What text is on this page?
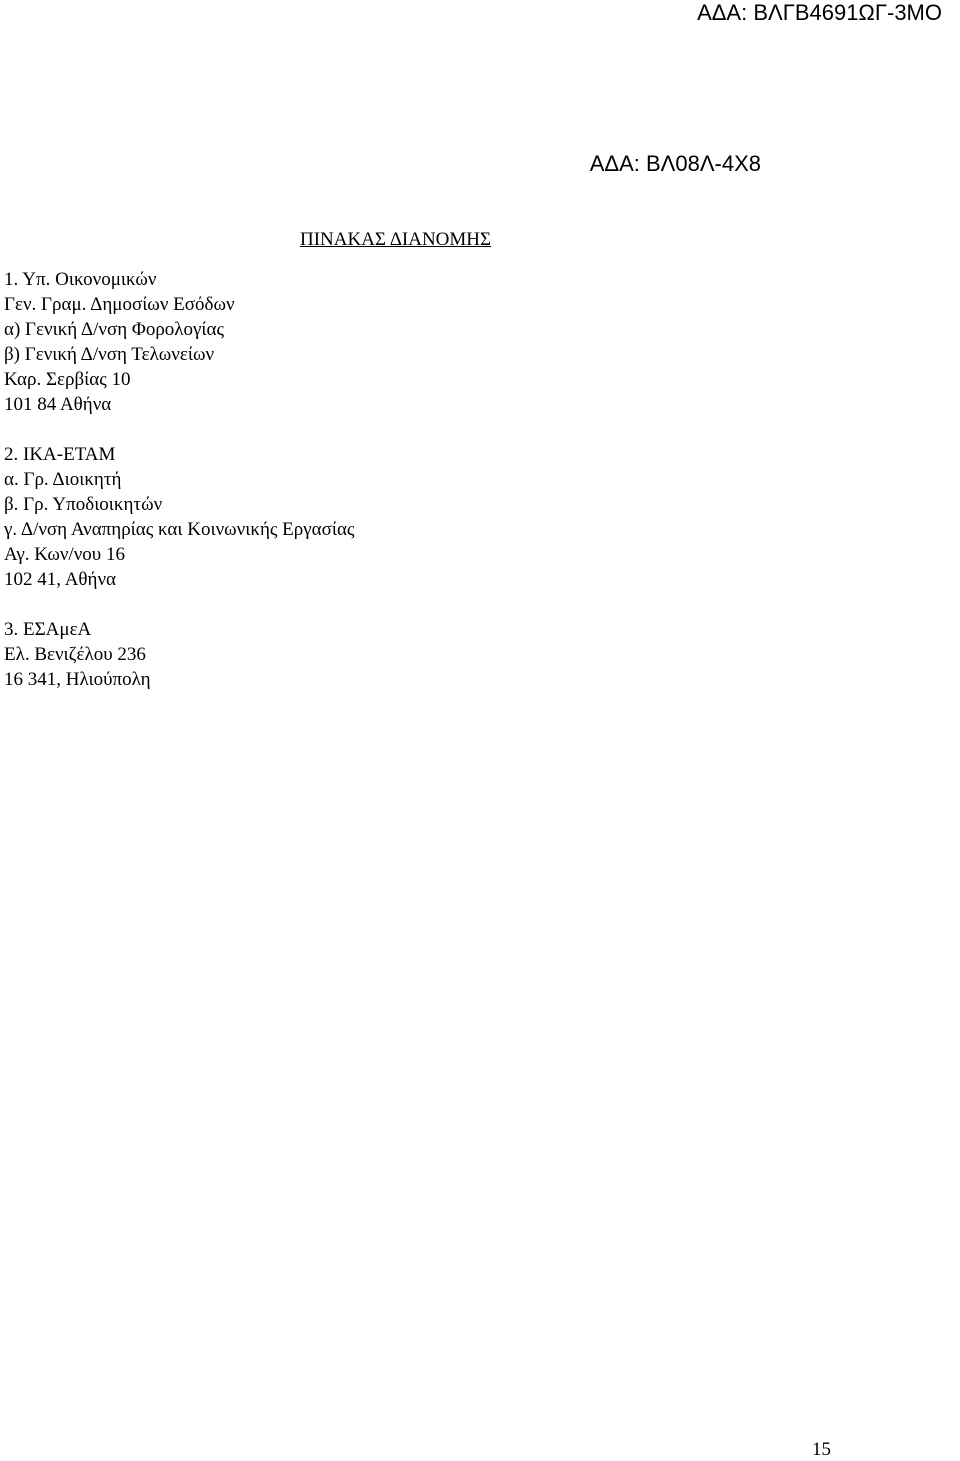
ΑΔΑ: ΒΛΓΒ4691ΩΓ-3ΜΟ
ΑΔΑ: ΒΛ08Λ-4Χ8
ΠΙΝΑΚΑΣ ΔΙΑΝΟΜΗΣ
1. Υπ. Οικονομικών
Γεν. Γραμ. Δημοσίων Εσόδων
α) Γενική Δ/νση Φορολογίας
β) Γενική Δ/νση Τελωνείων
Καρ. Σερβίας 10
101 84 Αθήνα
2. ΙΚΑ-ΕΤΑΜ
α. Γρ. Διοικητή
β. Γρ. Υποδιοικητών
γ. Δ/νση Αναπηρίας και Κοινωνικής Εργασίας
Αγ. Κων/νου 16
102 41, Αθήνα
3. ΕΣΑμεΑ
Ελ. Βενιζέλου 236
16 341, Ηλιούπολη
15
